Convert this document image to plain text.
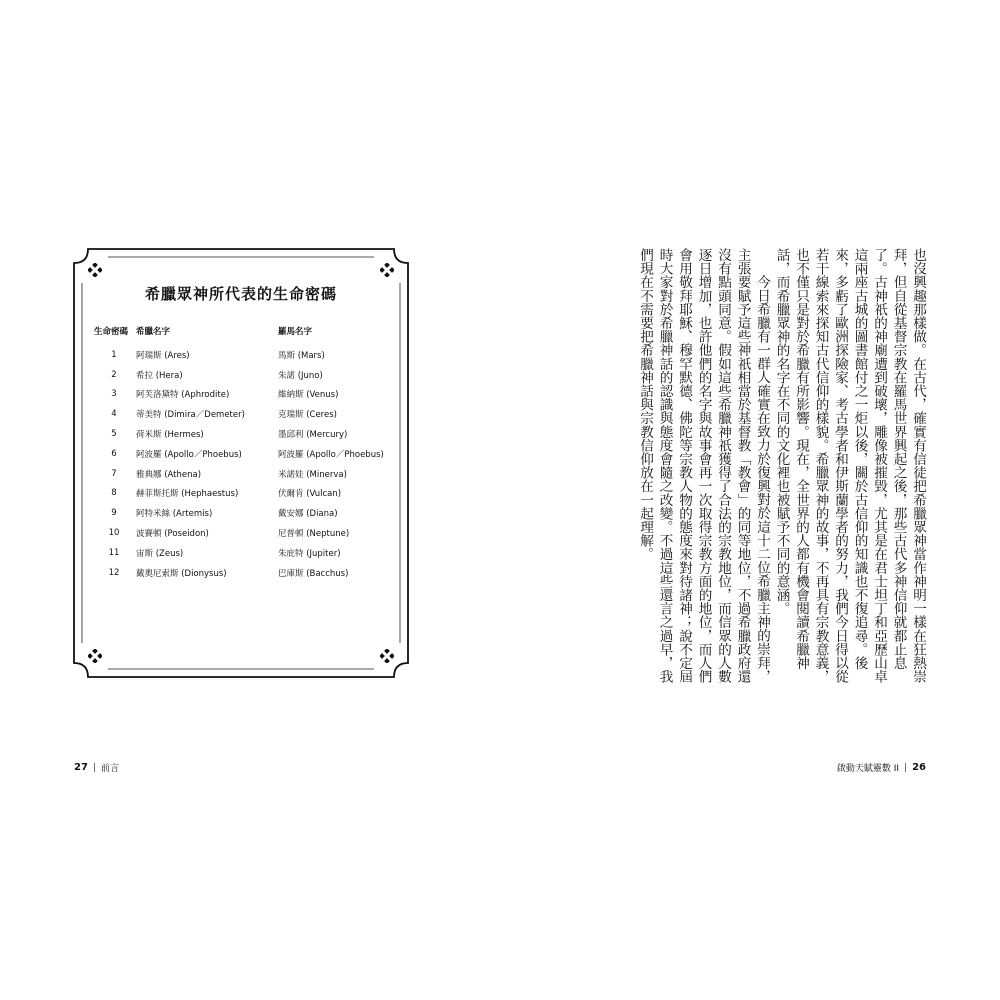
希臘眾神所代表的生命密碼
生命密碼 希臘名字	羅馬名字
1	阿瑞斯 (Ares)	馬斯 (Mars)
2	希拉 (Hera)	朱諾 (Juno)
3	阿芙洛黛特 (Aphrodite)	維納斯 (Venus)
4	蒂美特 (Dimira／Demeter)	克瑞斯 (Ceres)
5	荷米斯 (Hermes)	墨邱利 (Mercury)
6	阿波羅 (Apollo／Phoebus)	阿波羅 (Apollo／Phoebus)
7	雅典娜 (Athena)	米諾娃 (Minerva)
8	赫菲斯托斯 (Hephaestus)	伏爾肯 (Vulcan)
9	阿特米絲 (Artemis)	戴安娜 (Diana)
10	波賽頓 (Poseidon)	尼普頓 (Neptune)
11	宙斯 (Zeus)	朱庇特 (Jupiter)
12	戴奧尼索斯 (Dionysus)	巴庫斯 (Bacchus)
27 | 前言

也沒興趣那樣做。在古代，確實有信徒把希臘眾神當作神明一樣在狂熱崇拜，但自從基督宗教在羅馬世界興起之後，那些古代多神信仰就都止息了。古神祇的神廟遭到破壞，雕像被摧毀，尤其是在君士坦丁和亞歷山卓這兩座古城的圖書館付之一炬以後，關於古信仰的知識也不復追尋。後來，多虧了歐洲探險家、考古學者和伊斯蘭學者的努力，我們今日得以從若干線索來探知古代信仰的樣貌。希臘眾神的故事，不再具有宗教意義，也不僅只是對於希臘有所影響。現在，全世界的人都有機會閱讀希臘神話，而希臘眾神的名字在不同的文化裡也被賦予不同的意涵。

今日希臘有一群人確實在致力於復興對於這十二位希臘主神的崇拜，主張要賦予這些神祇相當於基督教「教會」的同等地位，不過希臘政府還沒有點頭同意。假如這些希臘神祇獲得了合法的宗教地位，而信眾的人數逐日增加，也許他們的名字與故事會再一次取得宗教方面的地位，而人們會用敬拜耶穌、穆罕默德、佛陀等宗教人物的態度來對待諸神；說不定屆時大家對於希臘神話的認識與態度會隨之改變。不過這些還言之過早，我們現在不需要把希臘神話與宗教信仰放在一起理解。

啟動天賦靈數 II | 26
